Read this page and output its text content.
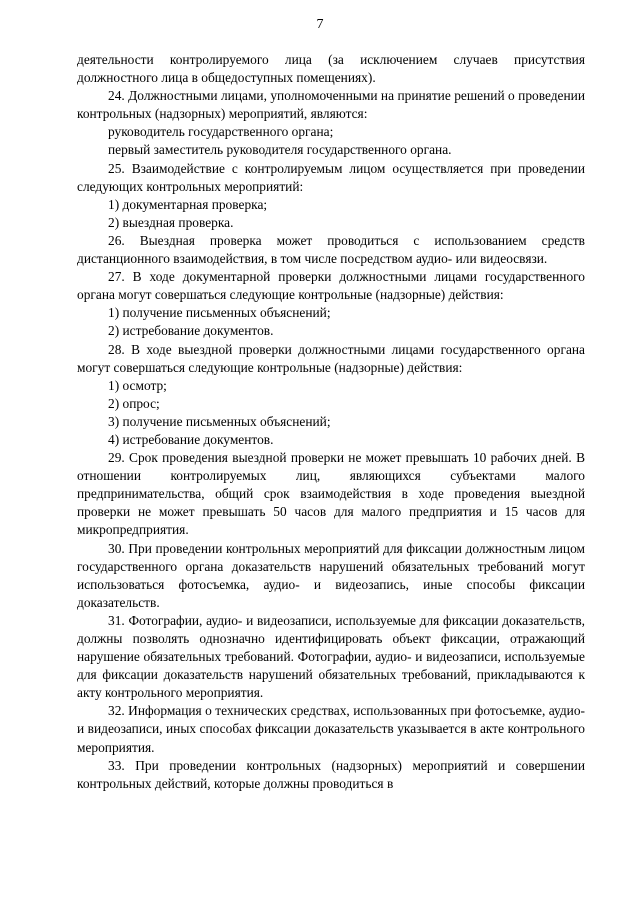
7

деятельности контролируемого лица (за исключением случаев присутствия должностного лица в общедоступных помещениях).

24. Должностными лицами, уполномоченными на принятие решений о проведении контрольных (надзорных) мероприятий, являются:

руководитель государственного органа;
первый заместитель руководителя государственного органа.

25. Взаимодействие с контролируемым лицом осуществляется при проведении следующих контрольных мероприятий:

1) документарная проверка;
2) выездная проверка.

26. Выездная проверка может проводиться с использованием средств дистанционного взаимодействия, в том числе посредством аудио- или видеосвязи.

27. В ходе документарной проверки должностными лицами государственного органа могут совершаться следующие контрольные (надзорные) действия:

1) получение письменных объяснений;
2) истребование документов.

28. В ходе выездной проверки должностными лицами государственного органа могут совершаться следующие контрольные (надзорные) действия:

1) осмотр;
2) опрос;
3) получение письменных объяснений;
4) истребование документов.

29. Срок проведения выездной проверки не может превышать 10 рабочих дней. В отношении контролируемых лиц, являющихся субъектами малого предпринимательства, общий срок взаимодействия в ходе проведения выездной проверки не может превышать 50 часов для малого предприятия и 15 часов для микропредприятия.

30. При проведении контрольных мероприятий для фиксации должностным лицом государственного органа доказательств нарушений обязательных требований могут использоваться фотосъемка, аудио- и видеозапись, иные способы фиксации доказательств.

31. Фотографии, аудио- и видеозаписи, используемые для фиксации доказательств, должны позволять однозначно идентифицировать объект фиксации, отражающий нарушение обязательных требований. Фотографии, аудио- и видеозаписи, используемые для фиксации доказательств нарушений обязательных требований, прикладываются к акту контрольного мероприятия.

32. Информация о технических средствах, использованных при фотосъемке, аудио- и видеозаписи, иных способах фиксации доказательств указывается в акте контрольного мероприятия.

33. При проведении контрольных (надзорных) мероприятий и совершении контрольных действий, которые должны проводиться в
